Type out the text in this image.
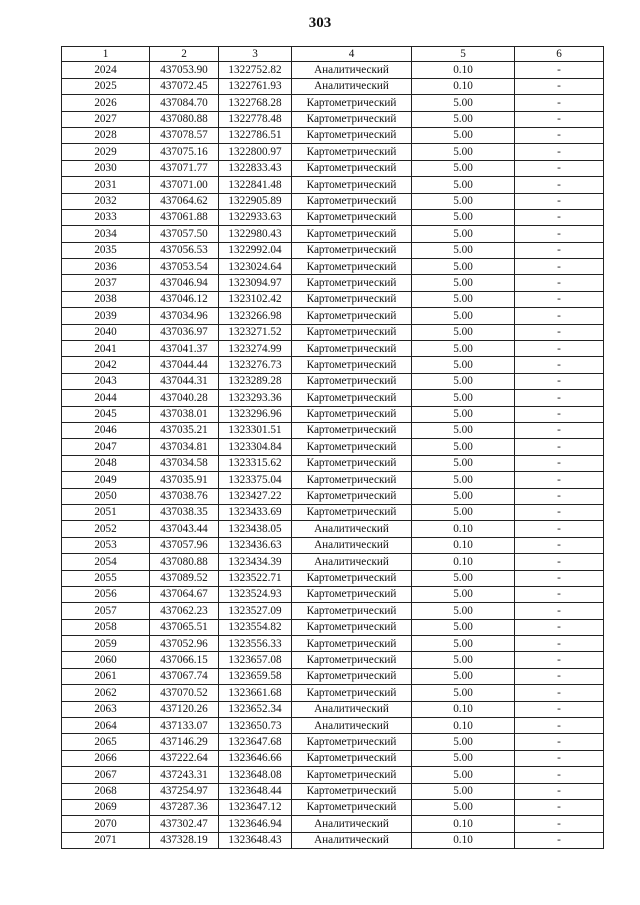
303
1	2	3	4	5	6
2024	437053.90	1322752.82	Аналитический	0.10	-
2025	437072.45	1322761.93	Аналитический	0.10	-
2026	437084.70	1322768.28	Картометрический	5.00	-
2027	437080.88	1322778.48	Картометрический	5.00	-
2028	437078.57	1322786.51	Картометрический	5.00	-
2029	437075.16	1322800.97	Картометрический	5.00	-
2030	437071.77	1322833.43	Картометрический	5.00	-
2031	437071.00	1322841.48	Картометрический	5.00	-
2032	437064.62	1322905.89	Картометрический	5.00	-
2033	437061.88	1322933.63	Картометрический	5.00	-
2034	437057.50	1322980.43	Картометрический	5.00	-
2035	437056.53	1322992.04	Картометрический	5.00	-
2036	437053.54	1323024.64	Картометрический	5.00	-
2037	437046.94	1323094.97	Картометрический	5.00	-
2038	437046.12	1323102.42	Картометрический	5.00	-
2039	437034.96	1323266.98	Картометрический	5.00	-
2040	437036.97	1323271.52	Картометрический	5.00	-
2041	437041.37	1323274.99	Картометрический	5.00	-
2042	437044.44	1323276.73	Картометрический	5.00	-
2043	437044.31	1323289.28	Картометрический	5.00	-
2044	437040.28	1323293.36	Картометрический	5.00	-
2045	437038.01	1323296.96	Картометрический	5.00	-
2046	437035.21	1323301.51	Картометрический	5.00	-
2047	437034.81	1323304.84	Картометрический	5.00	-
2048	437034.58	1323315.62	Картометрический	5.00	-
2049	437035.91	1323375.04	Картометрический	5.00	-
2050	437038.76	1323427.22	Картометрический	5.00	-
2051	437038.35	1323433.69	Картометрический	5.00	-
2052	437043.44	1323438.05	Аналитический	0.10	-
2053	437057.96	1323436.63	Аналитический	0.10	-
2054	437080.88	1323434.39	Аналитический	0.10	-
2055	437089.52	1323522.71	Картометрический	5.00	-
2056	437064.67	1323524.93	Картометрический	5.00	-
2057	437062.23	1323527.09	Картометрический	5.00	-
2058	437065.51	1323554.82	Картометрический	5.00	-
2059	437052.96	1323556.33	Картометрический	5.00	-
2060	437066.15	1323657.08	Картометрический	5.00	-
2061	437067.74	1323659.58	Картометрический	5.00	-
2062	437070.52	1323661.68	Картометрический	5.00	-
2063	437120.26	1323652.34	Аналитический	0.10	-
2064	437133.07	1323650.73	Аналитический	0.10	-
2065	437146.29	1323647.68	Картометрический	5.00	-
2066	437222.64	1323646.66	Картометрический	5.00	-
2067	437243.31	1323648.08	Картометрический	5.00	-
2068	437254.97	1323648.44	Картометрический	5.00	-
2069	437287.36	1323647.12	Картометрический	5.00	-
2070	437302.47	1323646.94	Аналитический	0.10	-
2071	437328.19	1323648.43	Аналитический	0.10	-
